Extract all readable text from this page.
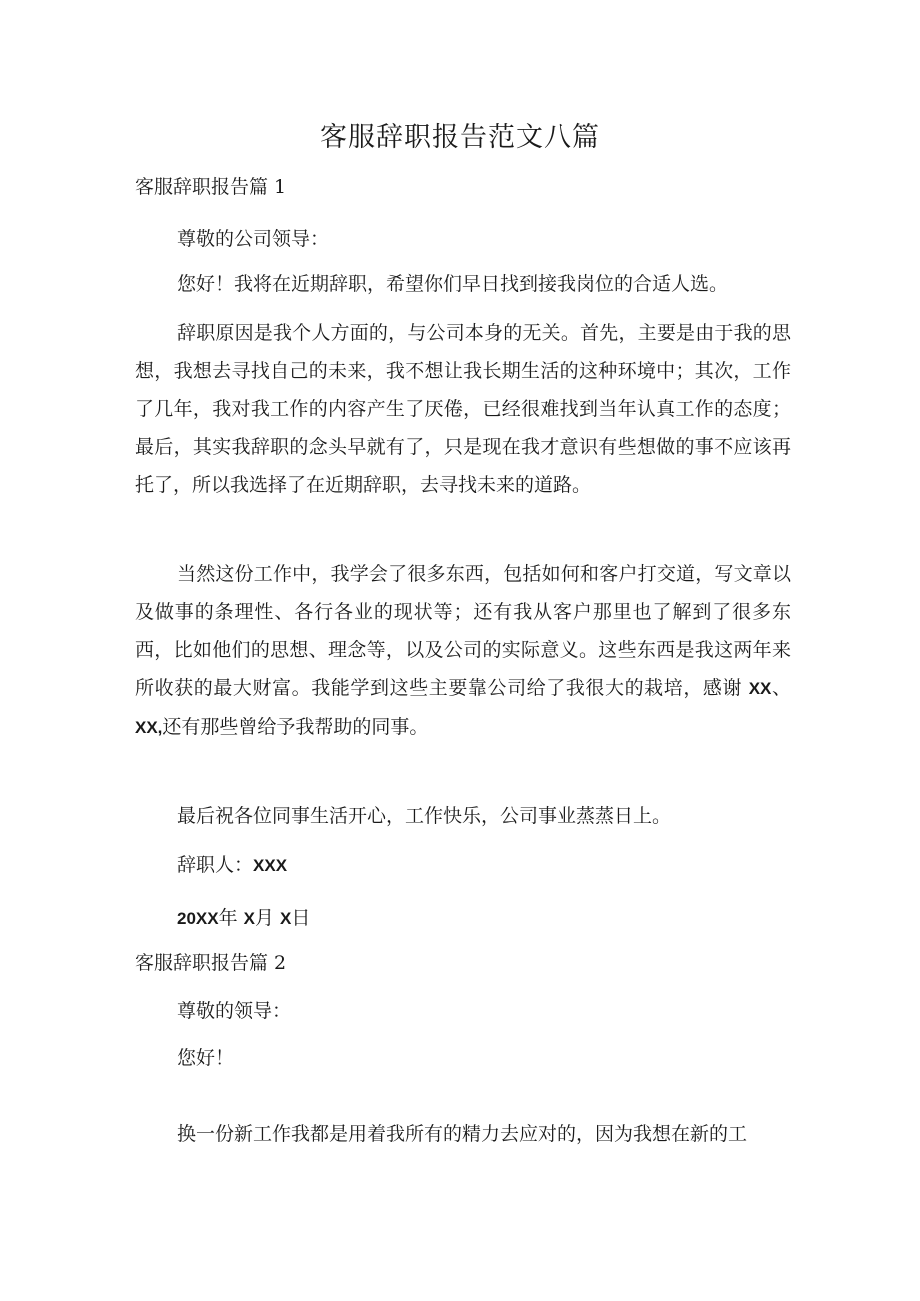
客服辞职报告范文八篇
客服辞职报告篇 1
尊敬的公司领导：
您好！我将在近期辞职，希望你们早日找到接我岗位的合适人选。
辞职原因是我个人方面的，与公司本身的无关。首先，主要是由于我的思想，我想去寻找自己的未来，我不想让我长期生活的这种环境中；其次，工作了几年，我对我工作的内容产生了厌倦，已经很难找到当年认真工作的态度；最后，其实我辞职的念头早就有了，只是现在我才意识有些想做的事不应该再托了，所以我选择了在近期辞职，去寻找未来的道路。
当然这份工作中，我学会了很多东西，包括如何和客户打交道，写文章以及做事的条理性、各行各业的现状等；还有我从客户那里也了解到了很多东西，比如他们的思想、理念等，以及公司的实际意义。这些东西是我这两年来所收获的最大财富。我能学到这些主要靠公司给了我很大的栽培，感谢 XX、XX,还有那些曾给予我帮助的同事。
最后祝各位同事生活开心，工作快乐，公司事业蒸蒸日上。
辞职人：XXX
20XX年 X月 X日
客服辞职报告篇 2
尊敬的领导：
您好！
换一份新工作我都是用着我所有的精力去应对的，因为我想在新的工
